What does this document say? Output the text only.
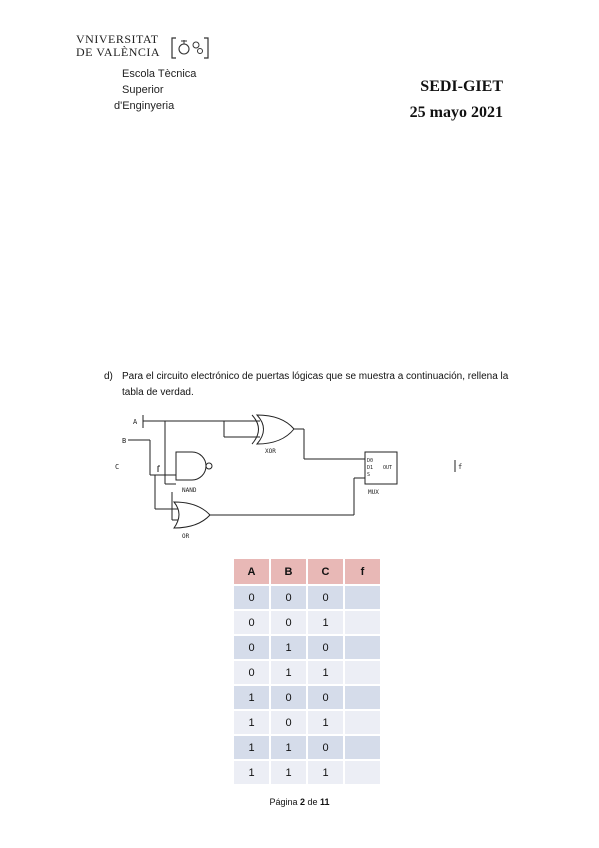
VNIVERSITAT
DE VALÈNCIA
Escola Tècnica
Superior
d'Enginyeria
SEDI-GIET
25 mayo 2021
d) Para el circuito electrónico de puertas lógicas que se muestra a continuación, rellena la tabla de verdad.
A
B
C
XOR
NAND
OR
MUX
D0
D1
S
OUT	f
A	B	C	f
0	0	0	
0	0	1	
0	1	0	
0	1	1	
1	0	0	
1	0	1	
1	1	0	
1	1	1	
Página 2 de 11
